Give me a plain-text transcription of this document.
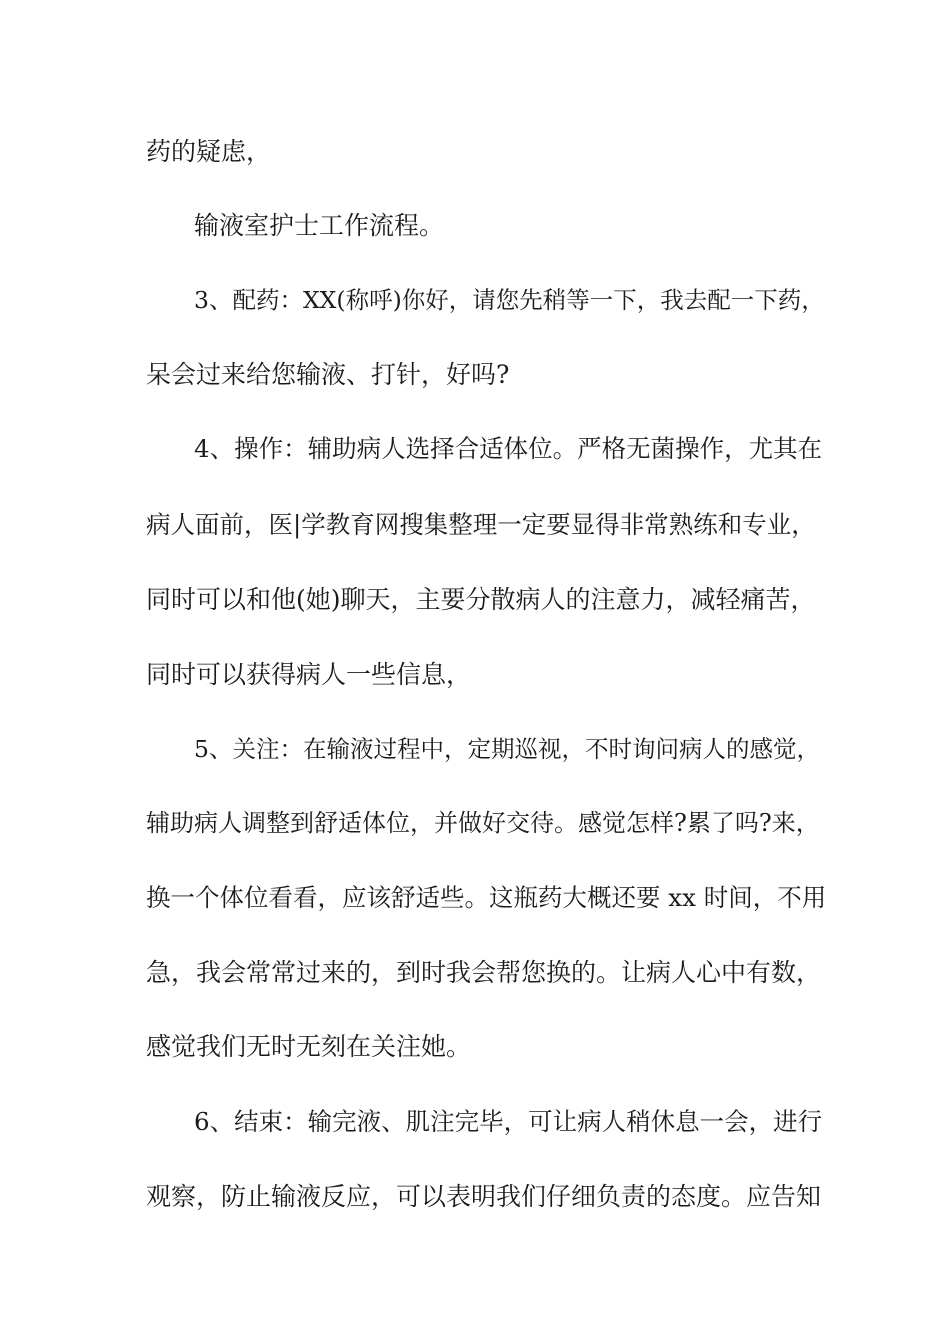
药的疑虑，
输液室护士工作流程。
3、配药：XX(称呼)你好，请您先稍等一下，我去配一下药，
呆会过来给您输液、打针，好吗?
4、操作：辅助病人选择合适体位。严格无菌操作，尤其在
病人面前，医|学教育网搜集整理一定要显得非常熟练和专业，
同时可以和他(她)聊天，主要分散病人的注意力，减轻痛苦，
同时可以获得病人一些信息，
5、关注：在输液过程中，定期巡视，不时询问病人的感觉，
辅助病人调整到舒适体位，并做好交待。感觉怎样?累了吗?来，
换一个体位看看，应该舒适些。这瓶药大概还要 xx 时间，不用
急，我会常常过来的，到时我会帮您换的。让病人心中有数，
感觉我们无时无刻在关注她。
6、结束：输完液、肌注完毕，可让病人稍休息一会，进行
观察，防止输液反应，可以表明我们仔细负责的态度。应告知
